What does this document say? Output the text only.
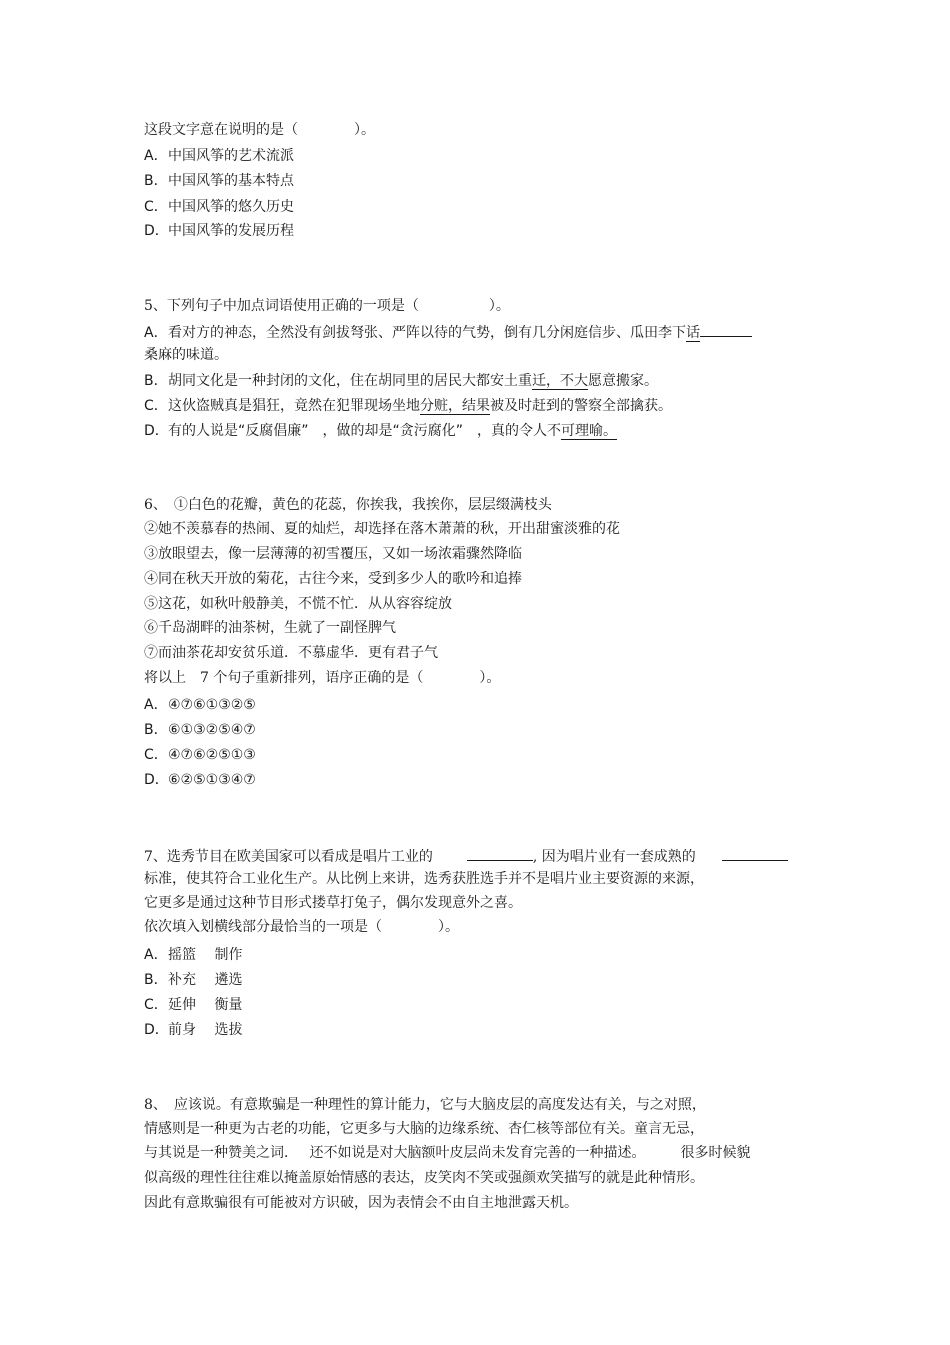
这段文字意在说明的是（　　　　）。
A．中国风筝的艺术流派
B．中国风筝的基本特点
C．中国风筝的悠久历史
D．中国风筝的发展历程
5、下列句子中加点词语使用正确的一项是（　　　　　）。
A．看对方的神态，全然没有剑拔弩张、严阵以待的气势，倒有几分闲庭信步、瓜田李下话
桑麻的味道。
B．胡同文化是一种封闭的文化，住在胡同里的居民大都安土重迁，不大愿意搬家。
C．这伙盗贼真是猖狂，竟然在犯罪现场坐地分赃，结果被及时赶到的警察全部擒获。
D．有的人说是“反腐倡廉”　，做的却是“贪污腐化”　，真的令人不可理喻。
6、　①白色的花瓣，黄色的花蕊，你挨我，我挨你，层层缀满枝头
②她不羡慕春的热闹、夏的灿烂，却选择在落木萧萧的秋，开出甜蜜淡雅的花
③放眼望去，像一层薄薄的初雪覆压，又如一场浓霜骤然降临
④同在秋天开放的菊花，古往今来，受到多少人的歌吟和追捧
⑤这花，如秋叶般静美，不慌不忙．从从容容绽放
⑥千岛湖畔的油茶树，生就了一副怪脾气
⑦而油茶花却安贫乐道．不慕虚华．更有君子气
将以上　7 个句子重新排列，语序正确的是（　　　　）。
A．④⑦⑥①③②⑤
B．⑥①③②⑤④⑦
C．④⑦⑥②⑤①③
D．⑥②⑤①③④⑦
7、选秀节目在欧美国家可以看成是唱片工业的	, 因为唱片业有一套成熟的
标准，使其符合工业化生产。从比例上来讲，选秀获胜选手并不是唱片业主要资源的来源，
它更多是通过这种节目形式搂草打兔子，偶尔发现意外之喜。
依次填入划横线部分最恰当的一项是（　　　　）。
A．摇篮　 制作
B．补充　 遴选
C．延伸　 衡量
D．前身　 选拔
8、　应该说。有意欺骗是一种理性的算计能力，它与大脑皮层的高度发达有关，与之对照，
情感则是一种更为古老的功能，它更多与大脑的边缘系统、杏仁核等部位有关。童言无忌，
与其说是一种赞美之词．　 还不如说是对大脑额叶皮层尚未发育完善的一种描述。　　　很多时候貌
似高级的理性往往难以掩盖原始情感的表达，皮笑肉不笑或强颜欢笑描写的就是此种情形。
因此有意欺骗很有可能被对方识破，因为表情会不由自主地泄露天机。
